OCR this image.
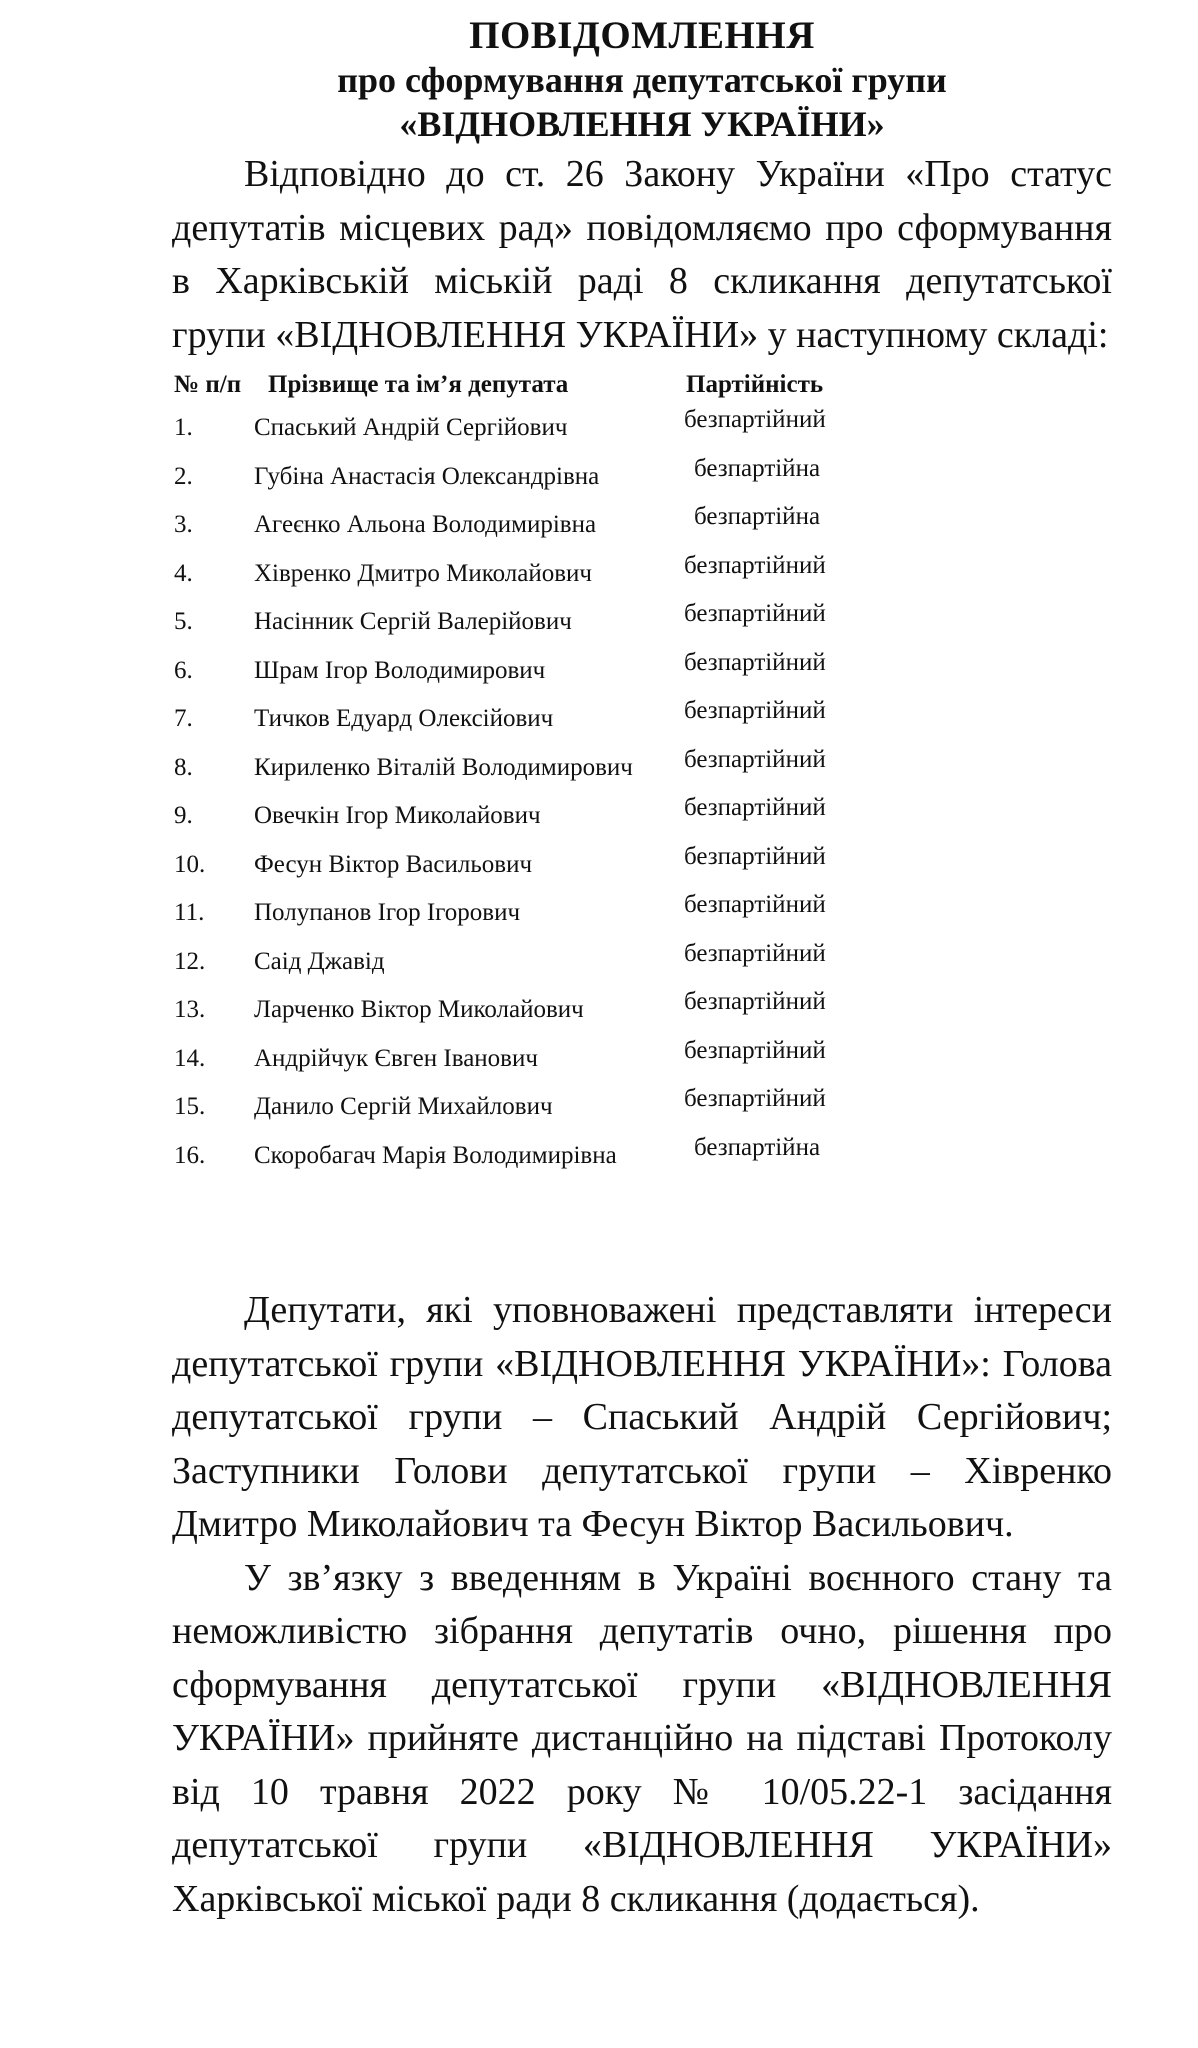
ПОВІДОМЛЕННЯ

про сформування депутатської групи

«ВІДНОВЛЕННЯ УКРАЇНИ»

Відповідно до ст. 26 Закону України «Про статус депутатів місцевих рад» повідомляємо про сформування в Харківській міській раді 8 скликання депутатської групи «ВІДНОВЛЕННЯ УКРАЇНИ» у наступному складі:

№ п/п	Прізвище та ім’я депутата	Партійність
1.	Спаський Андрій Сергійович	безпартійний
2.	Губіна Анастасія Олександрівна	безпартійна
3.	Агеєнко Альона Володимирівна	безпартійна
4.	Хівренко Дмитро Миколайович	безпартійний
5.	Насінник Сергій Валерійович	безпартійний
6.	Шрам Ігор Володимирович	безпартійний
7.	Тичков Едуард Олексійович	безпартійний
8.	Кириленко Віталій Володимирович	безпартійний
9.	Овечкін Ігор Миколайович	безпартійний
10.	Фесун Віктор Васильович	безпартійний
11.	Полупанов Ігор Ігорович	безпартійний
12.	Саід Джавід	безпартійний
13.	Ларченко Віктор Миколайович	безпартійний
14.	Андрійчук Євген Іванович	безпартійний
15.	Данило Сергій Михайлович	безпартійний
16.	Скоробагач Марія Володимирівна	безпартійна

Депутати, які уповноважені представляти інтереси депутатської групи «ВІДНОВЛЕННЯ УКРАЇНИ»: Голова депутатської групи – Спаський Андрій Сергійович; Заступники Голови депутатської групи – Хівренко Дмитро Миколайович та Фесун Віктор Васильович.

У зв’язку з введенням в Україні воєнного стану та неможливістю зібрання депутатів очно, рішення про сформування депутатської групи «ВІДНОВЛЕННЯ УКРАЇНИ» прийняте дистанційно на підставі Протоколу від 10 травня 2022 року № 10/05.22-1 засідання депутатської групи «ВІДНОВЛЕННЯ УКРАЇНИ» Харківської міської ради 8 скликання (додається).
